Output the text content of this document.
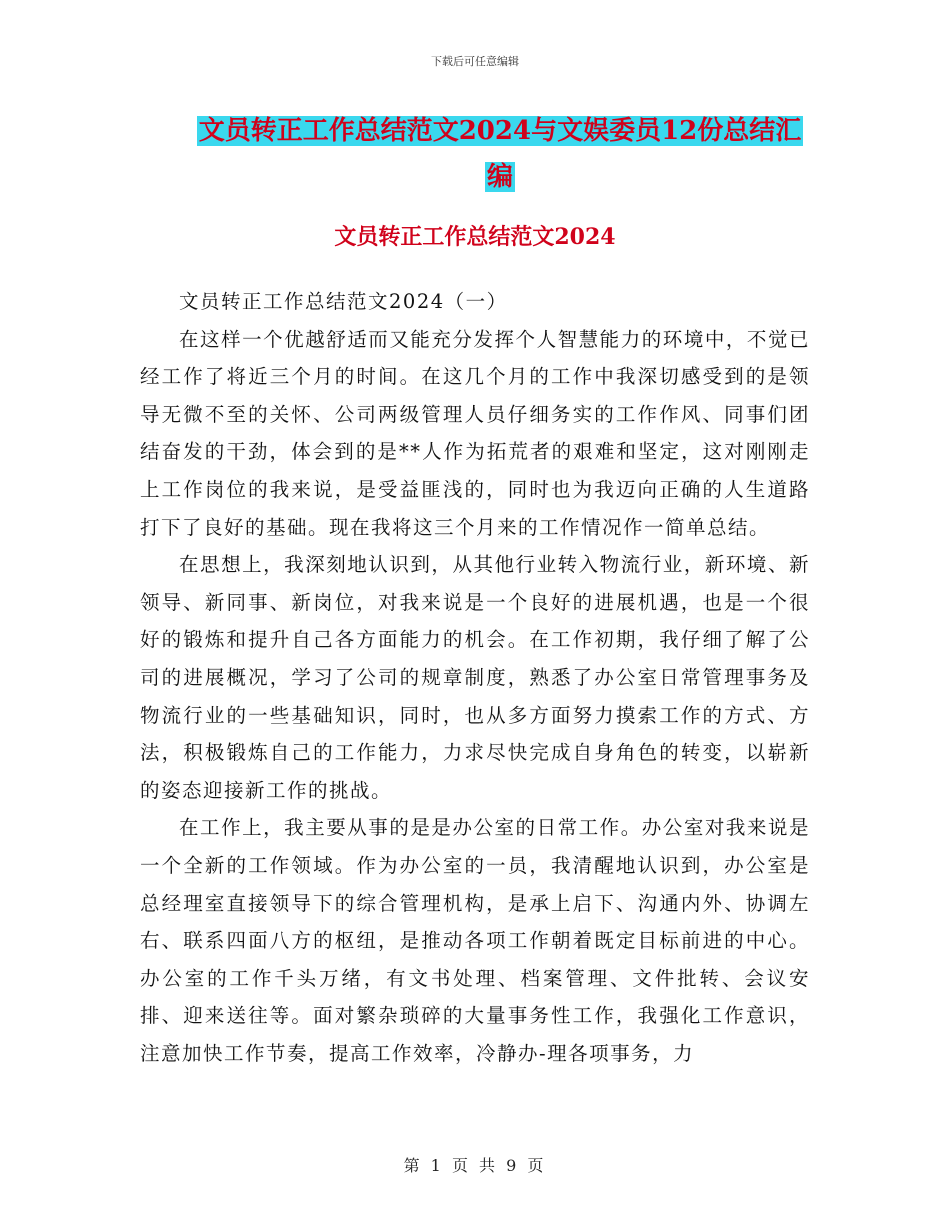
下载后可任意编辑
文员转正工作总结范文2024与文娱委员12份总结汇
编
文员转正工作总结范文2024

文员转正工作总结范文2024（一）

在这样一个优越舒适而又能充分发挥个人智慧能力的环境中，不觉已经工作了将近三个月的时间。在这几个月的工作中我深切感受到的是领导无微不至的关怀、公司两级管理人员仔细务实的工作作风、同事们团结奋发的干劲，体会到的是**人作为拓荒者的艰难和坚定，这对刚刚走上工作岗位的我来说，是受益匪浅的，同时也为我迈向正确的人生道路打下了良好的基础。现在我将这三个月来的工作情况作一简单总结。

在思想上，我深刻地认识到，从其他行业转入物流行业，新环境、新领导、新同事、新岗位，对我来说是一个良好的进展机遇，也是一个很好的锻炼和提升自己各方面能力的机会。在工作初期，我仔细了解了公司的进展概况，学习了公司的规章制度，熟悉了办公室日常管理事务及物流行业的一些基础知识，同时，也从多方面努力摸索工作的方式、方法，积极锻炼自己的工作能力，力求尽快完成自身角色的转变，以崭新的姿态迎接新工作的挑战。

在工作上，我主要从事的是是办公室的日常工作。办公室对我来说是一个全新的工作领域。作为办公室的一员，我清醒地认识到，办公室是总经理室直接领导下的综合管理机构，是承上启下、沟通内外、协调左右、联系四面八方的枢纽，是推动各项工作朝着既定目标前进的中心。办公室的工作千头万绪，有文书处理、档案管理、文件批转、会议安排、迎来送往等。面对繁杂琐碎的大量事务性工作，我强化工作意识，注意加快工作节奏，提高工作效率，冷静办-理各项事务，力

第 1 页 共 9 页
